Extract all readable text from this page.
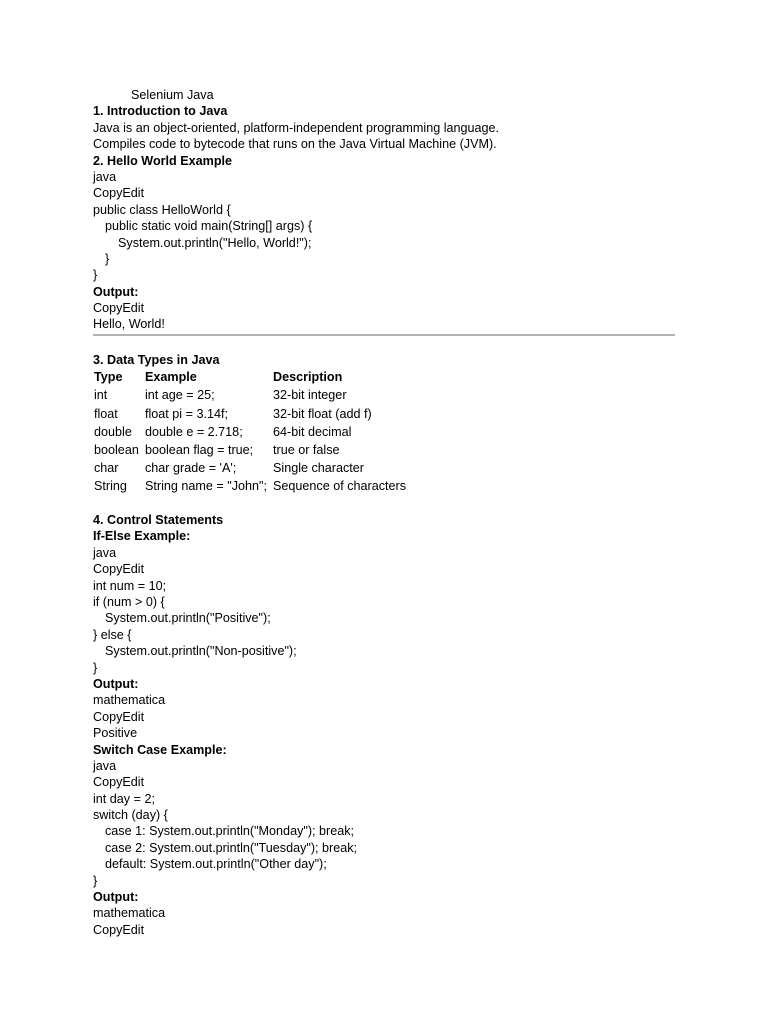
Selenium Java
1. Introduction to Java
Java is an object-oriented, platform-independent programming language.
Compiles code to bytecode that runs on the Java Virtual Machine (JVM).
2. Hello World Example
java
CopyEdit
public class HelloWorld {
public static void main(String[] args) {
System.out.println("Hello, World!");
}
}
Output:
CopyEdit
Hello, World!
3. Data Types in Java
Type	Example	Description
int	int age = 25;	32-bit integer
float	float pi = 3.14f;	32-bit float (add f)
double	double e = 2.718;	64-bit decimal
boolean	boolean flag = true;	true or false
char	char grade = 'A';	Single character
String	String name = "John";	Sequence of characters
4. Control Statements
If-Else Example:
java
CopyEdit
int num = 10;
if (num > 0) {
System.out.println("Positive");
} else {
System.out.println("Non-positive");
}
Output:
mathematica
CopyEdit
Positive
Switch Case Example:
java
CopyEdit
int day = 2;
switch (day) {
case 1: System.out.println("Monday"); break;
case 2: System.out.println("Tuesday"); break;
default: System.out.println("Other day");
}
Output:
mathematica
CopyEdit
